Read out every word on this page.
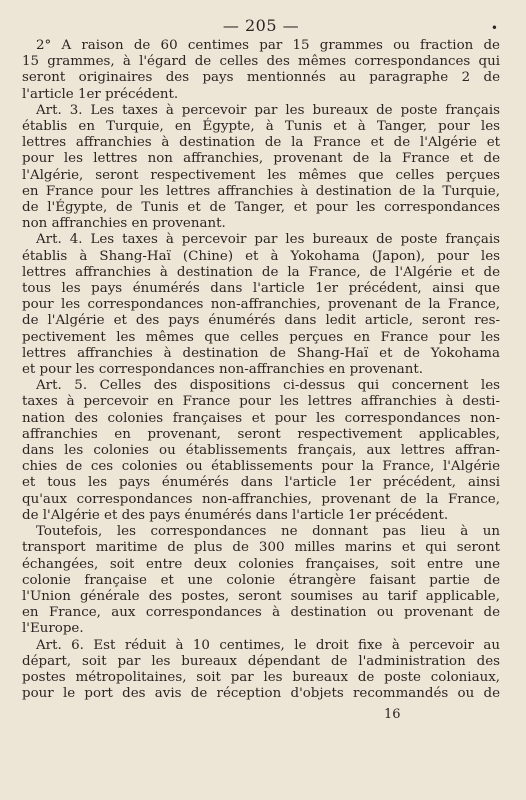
— 205 —	•

2° A raison de 60 centimes par 15 grammes ou fraction de
15 grammes, à l'égard de celles des mêmes correspondances qui
seront originaires des pays mentionnés au paragraphe 2 de
l'article 1er précédent.

Art. 3. Les taxes à percevoir par les bureaux de poste français
établis en Turquie, en Égypte, à Tunis et à Tanger, pour les
lettres affranchies à destination de la France et de l'Algérie et
pour les lettres non affranchies, provenant de la France et de
l'Algérie, seront respectivement les mêmes que celles perçues
en France pour les lettres affranchies à destination de la Turquie,
de l'Égypte, de Tunis et de Tanger, et pour les correspondances
non affranchies en provenant.

Art. 4. Les taxes à percevoir par les bureaux de poste français
établis à Shang-Haï (Chine) et à Yokohama (Japon), pour les
lettres affranchies à destination de la France, de l'Algérie et de
tous les pays énumérés dans l'article 1er précédent, ainsi que
pour les correspondances non-affranchies, provenant de la France,
de l'Algérie et des pays énumérés dans ledit article, seront res-
pectivement les mêmes que celles perçues en France pour les
lettres affranchies à destination de Shang-Haï et de Yokohama
et pour les correspondances non-affranchies en provenant.

Art. 5. Celles des dispositions ci-dessus qui concernent les
taxes à percevoir en France pour les lettres affranchies à desti-
nation des colonies françaises et pour les correspondances non-
affranchies en provenant, seront respectivement applicables,
dans les colonies ou établissements français, aux lettres affran-
chies de ces colonies ou établissements pour la France, l'Algérie
et tous les pays énumérés dans l'article 1er précédent, ainsi
qu'aux correspondances non-affranchies, provenant de la France,
de l'Algérie et des pays énumérés dans l'article 1er précédent.

Toutefois, les correspondances ne donnant pas lieu à un
transport maritime de plus de 300 milles marins et qui seront
échangées, soit entre deux colonies françaises, soit entre une
colonie française et une colonie étrangère faisant partie de
l'Union générale des postes, seront soumises au tarif applicable,
en France, aux correspondances à destination ou provenant de
l'Europe.

Art. 6. Est réduit à 10 centimes, le droit fixe à percevoir au
départ, soit par les bureaux dépendant de l'administration des
postes métropolitaines, soit par les bureaux de poste coloniaux,
pour le port des avis de réception d'objets recommandés ou de

16
